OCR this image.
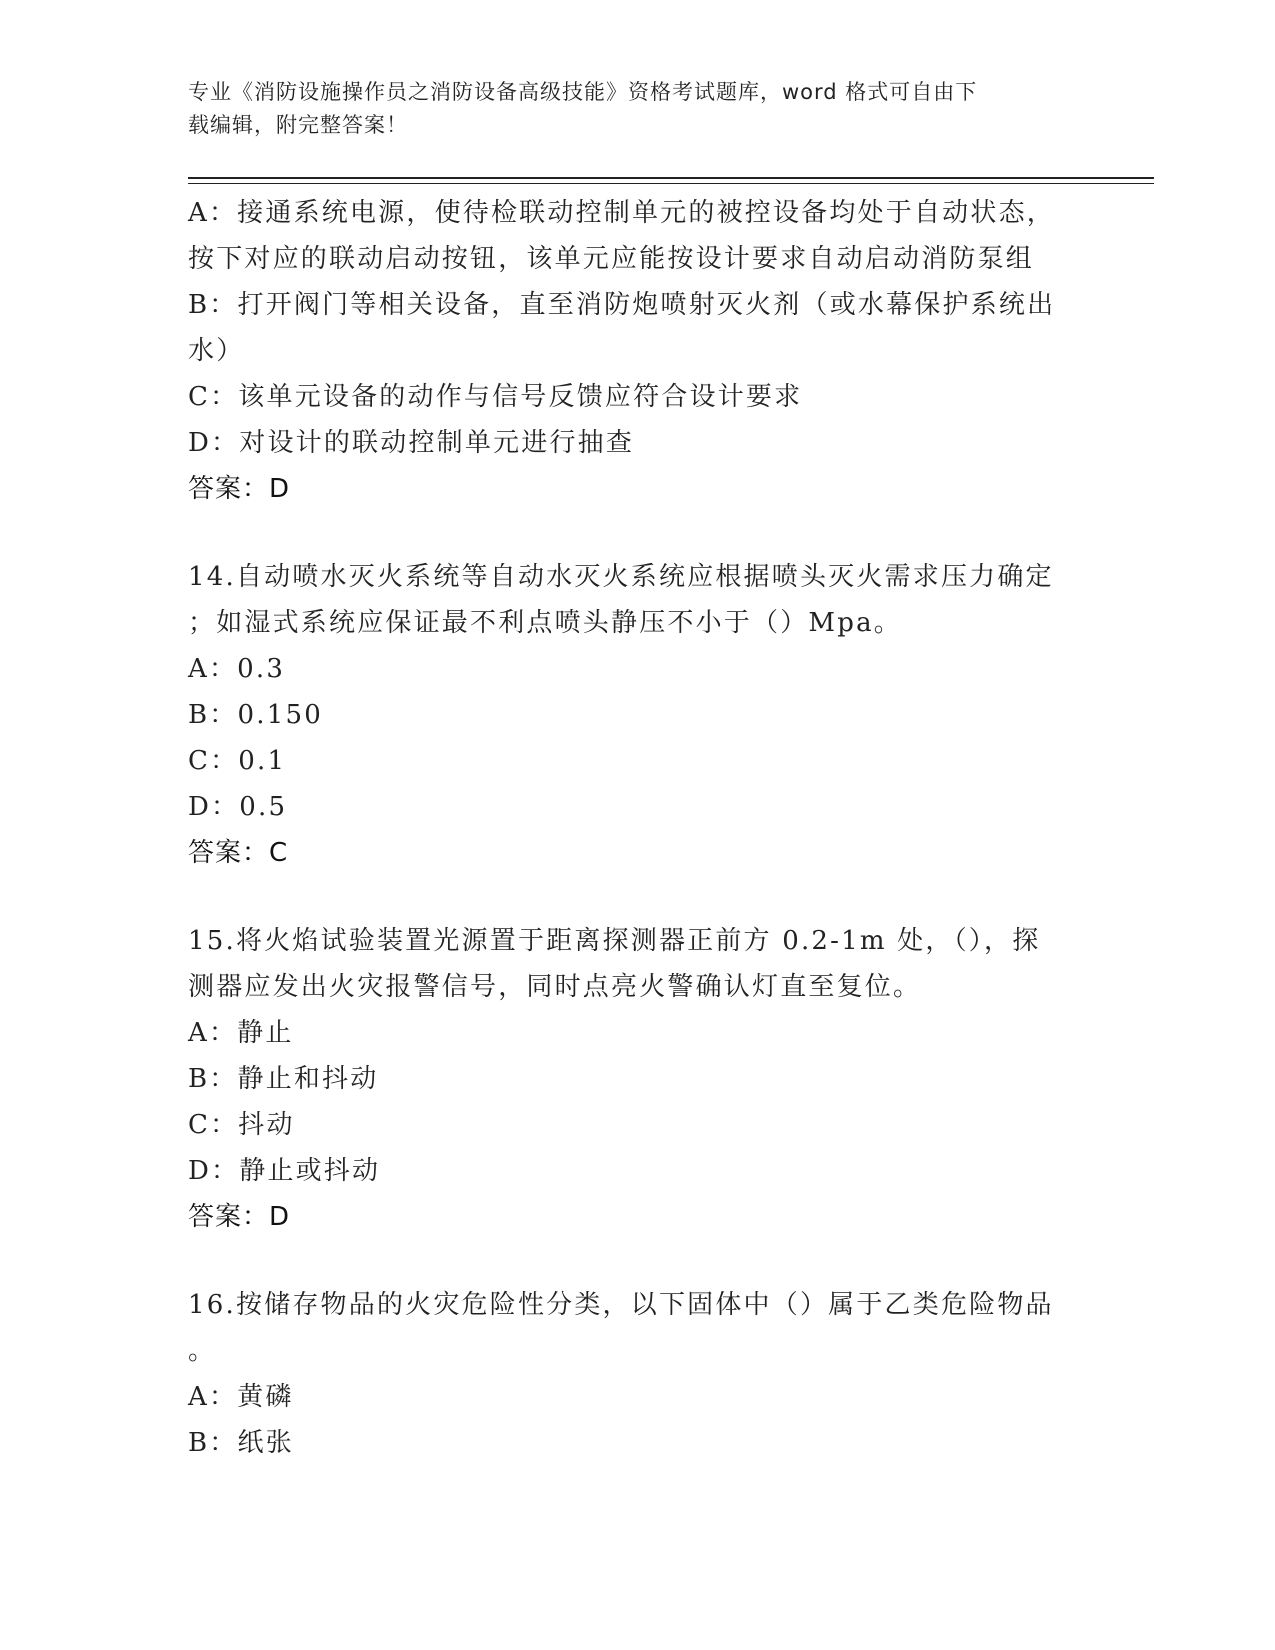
专业《消防设施操作员之消防设备高级技能》资格考试题库，word 格式可自由下
载编辑，附完整答案！
A：接通系统电源，使待检联动控制单元的被控设备均处于自动状态，
按下对应的联动启动按钮，该单元应能按设计要求自动启动消防泵组
B：打开阀门等相关设备，直至消防炮喷射灭火剂（或水幕保护系统出
水）
C：该单元设备的动作与信号反馈应符合设计要求
D：对设计的联动控制单元进行抽查
答案：D
14.自动喷水灭火系统等自动水灭火系统应根据喷头灭火需求压力确定
；如湿式系统应保证最不利点喷头静压不小于（）Mpa。
A：0.3
B：0.150
C：0.1
D：0.5
答案：C
15.将火焰试验装置光源置于距离探测器正前方 0.2-1m 处，（），探
测器应发出火灾报警信号，同时点亮火警确认灯直至复位。
A：静止
B：静止和抖动
C：抖动
D：静止或抖动
答案：D
16.按储存物品的火灾危险性分类，以下固体中（）属于乙类危险物品
。
A：黄磷
B：纸张
